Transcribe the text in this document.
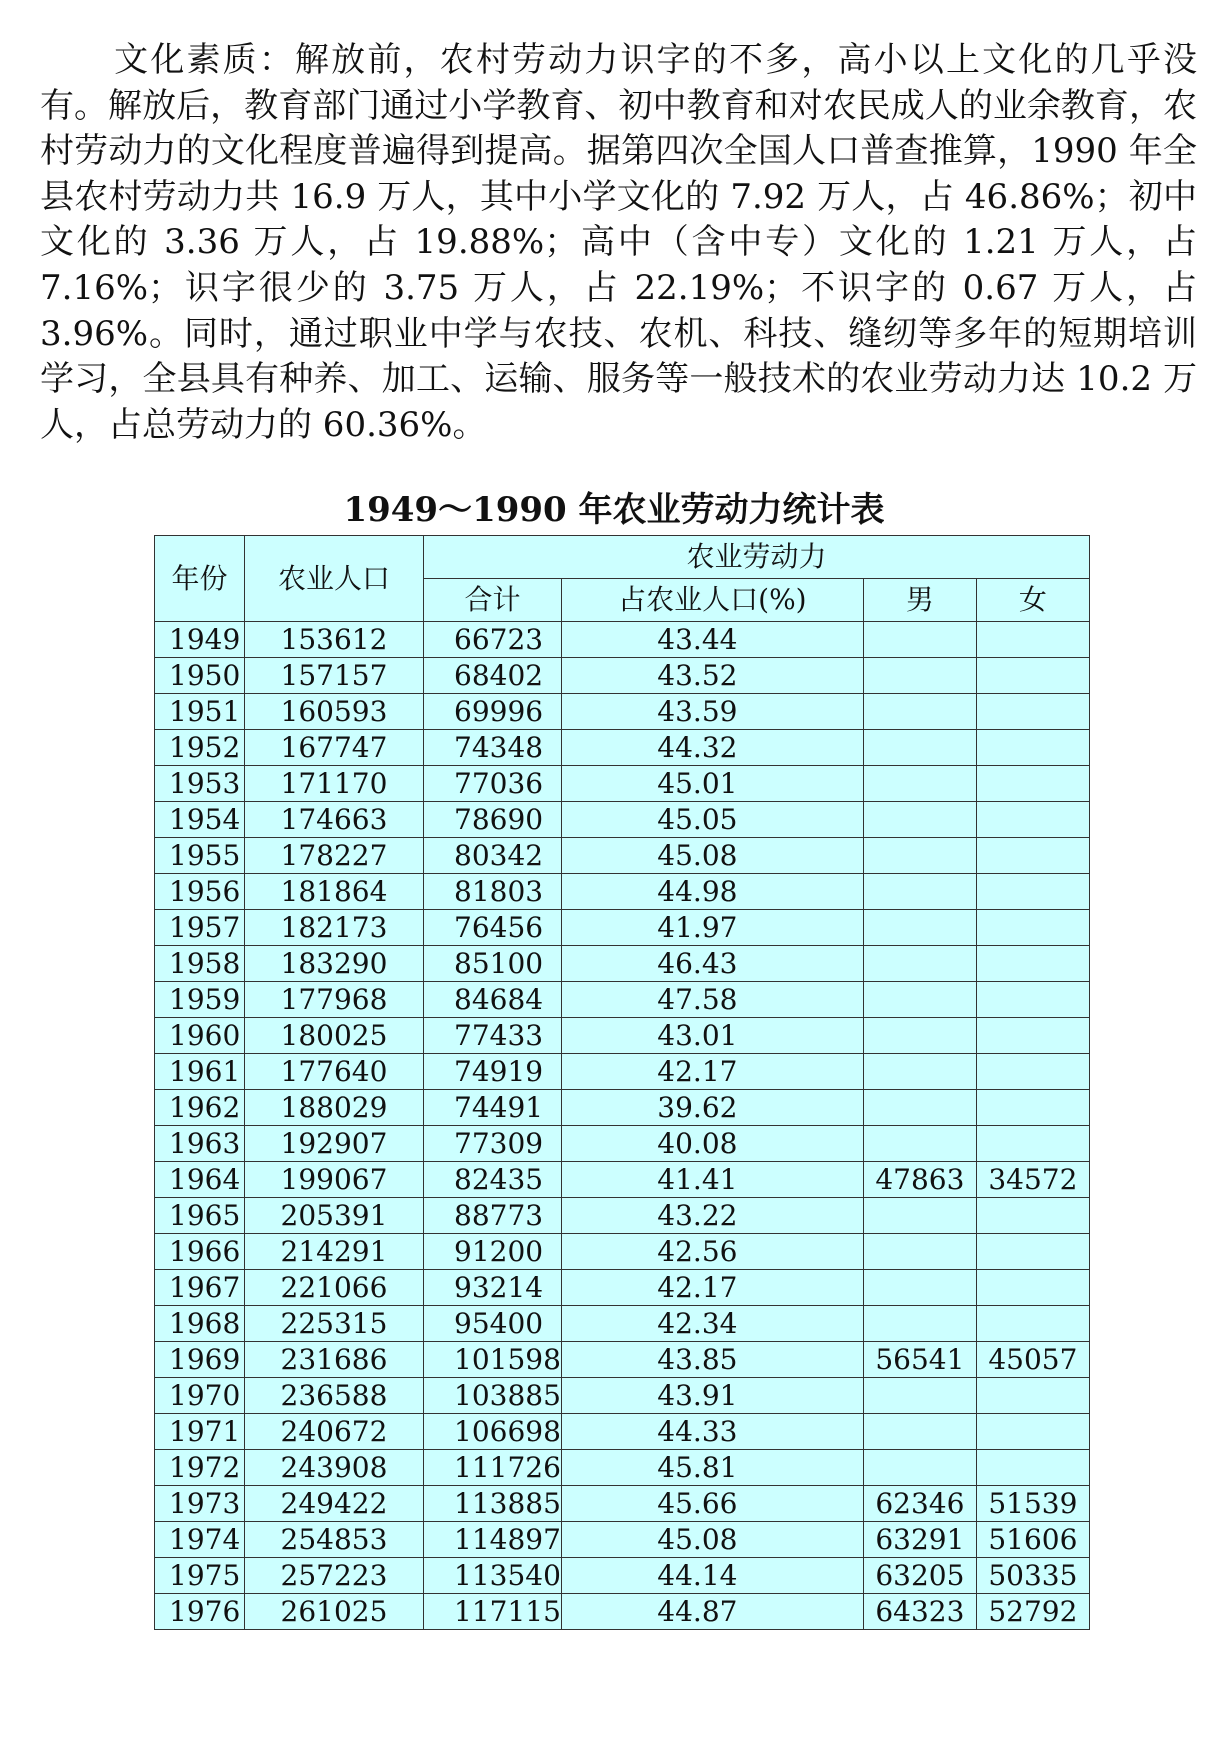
文化素质：解放前，农村劳动力识字的不多，高小以上文化的几乎没有。解放后，教育部门通过小学教育、初中教育和对农民成人的业余教育，农村劳动力的文化程度普遍得到提高。据第四次全国人口普查推算，1990 年全县农村劳动力共 16.9 万人，其中小学文化的 7.92 万人，占 46.86%；初中文化的 3.36 万人，占 19.88%；高中（含中专）文化的 1.21 万人，占 7.16%；识字很少的 3.75 万人，占 22.19%；不识字的 0.67 万人，占 3.96%。同时，通过职业中学与农技、农机、科技、缝纫等多年的短期培训学习，全县具有种养、加工、运输、服务等一般技术的农业劳动力达 10.2 万人，占总劳动力的 60.36%。

1949～1990 年农业劳动力统计表
年份	农业人口	农业劳动力			
		合计	占农业人口(%)	男	女
1949	153612	66723	43.44		
1950	157157	68402	43.52		
1951	160593	69996	43.59		
1952	167747	74348	44.32		
1953	171170	77036	45.01		
1954	174663	78690	45.05		
1955	178227	80342	45.08		
1956	181864	81803	44.98		
1957	182173	76456	41.97		
1958	183290	85100	46.43		
1959	177968	84684	47.58		
1960	180025	77433	43.01		
1961	177640	74919	42.17		
1962	188029	74491	39.62		
1963	192907	77309	40.08		
1964	199067	82435	41.41	47863	34572
1965	205391	88773	43.22		
1966	214291	91200	42.56		
1967	221066	93214	42.17		
1968	225315	95400	42.34		
1969	231686	101598	43.85	56541	45057
1970	236588	103885	43.91		
1971	240672	106698	44.33		
1972	243908	111726	45.81		
1973	249422	113885	45.66	62346	51539
1974	254853	114897	45.08	63291	51606
1975	257223	113540	44.14	63205	50335
1976	261025	117115	44.87	64323	52792
